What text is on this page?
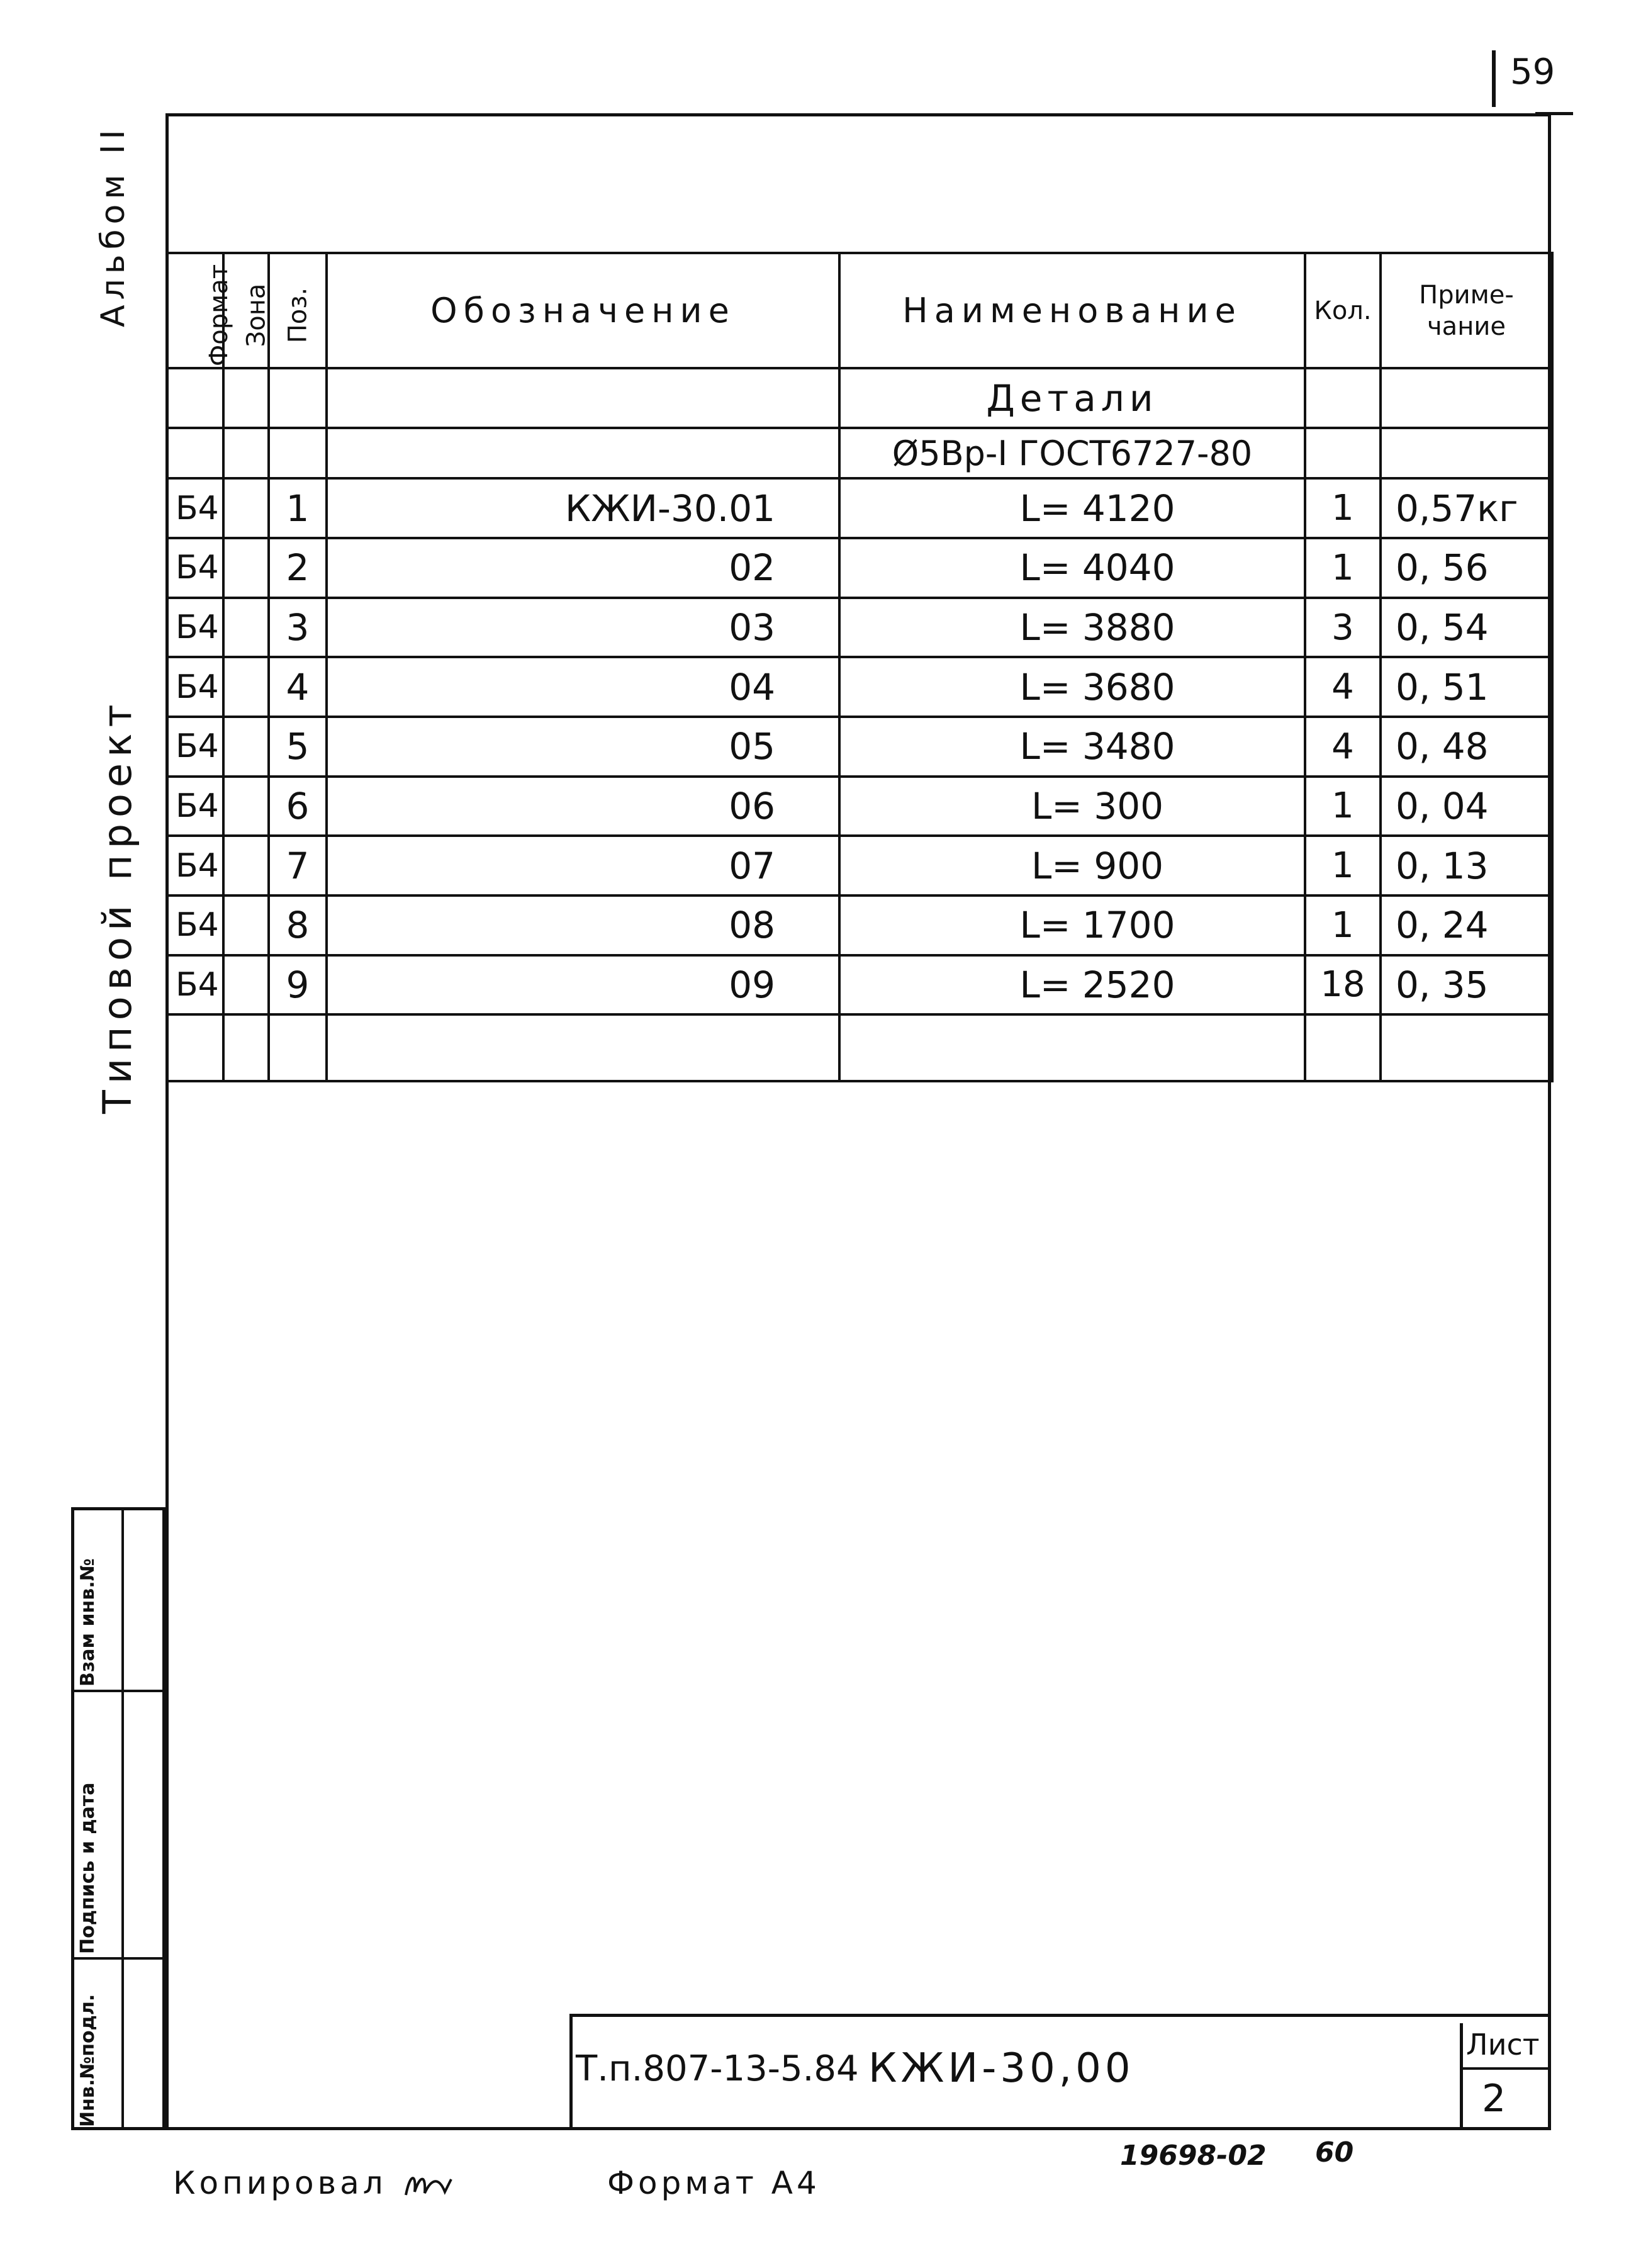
59
Альбом II
Типовой проект
Формат	Зона	Поз.	Обозначение	Наименование	Кол.	Приме- чание
				Детали		
				Ø5Вр-I ГОСТ6727-80		
Б4		1	КЖИ-30.01	L= 4120	1	0,57кг
Б4		2	02	L= 4040	1	0, 56
Б4		3	03	L= 3880	3	0, 54
Б4		4	04	L= 3680	4	0, 51
Б4		5	05	L= 3480	4	0, 48
Б4		6	06	L= 300	1	0, 04
Б4		7	07	L= 900	1	0, 13
Б4		8	08	L= 1700	1	0, 24
Б4		9	09	L= 2520	18	0, 35

Взам инв.№
Подпись и дата
Инв.№подл.	Т.п.807-13-5.84 КЖИ-30,00
Лист
2
Копировал	Формат А4
19698-02 60
